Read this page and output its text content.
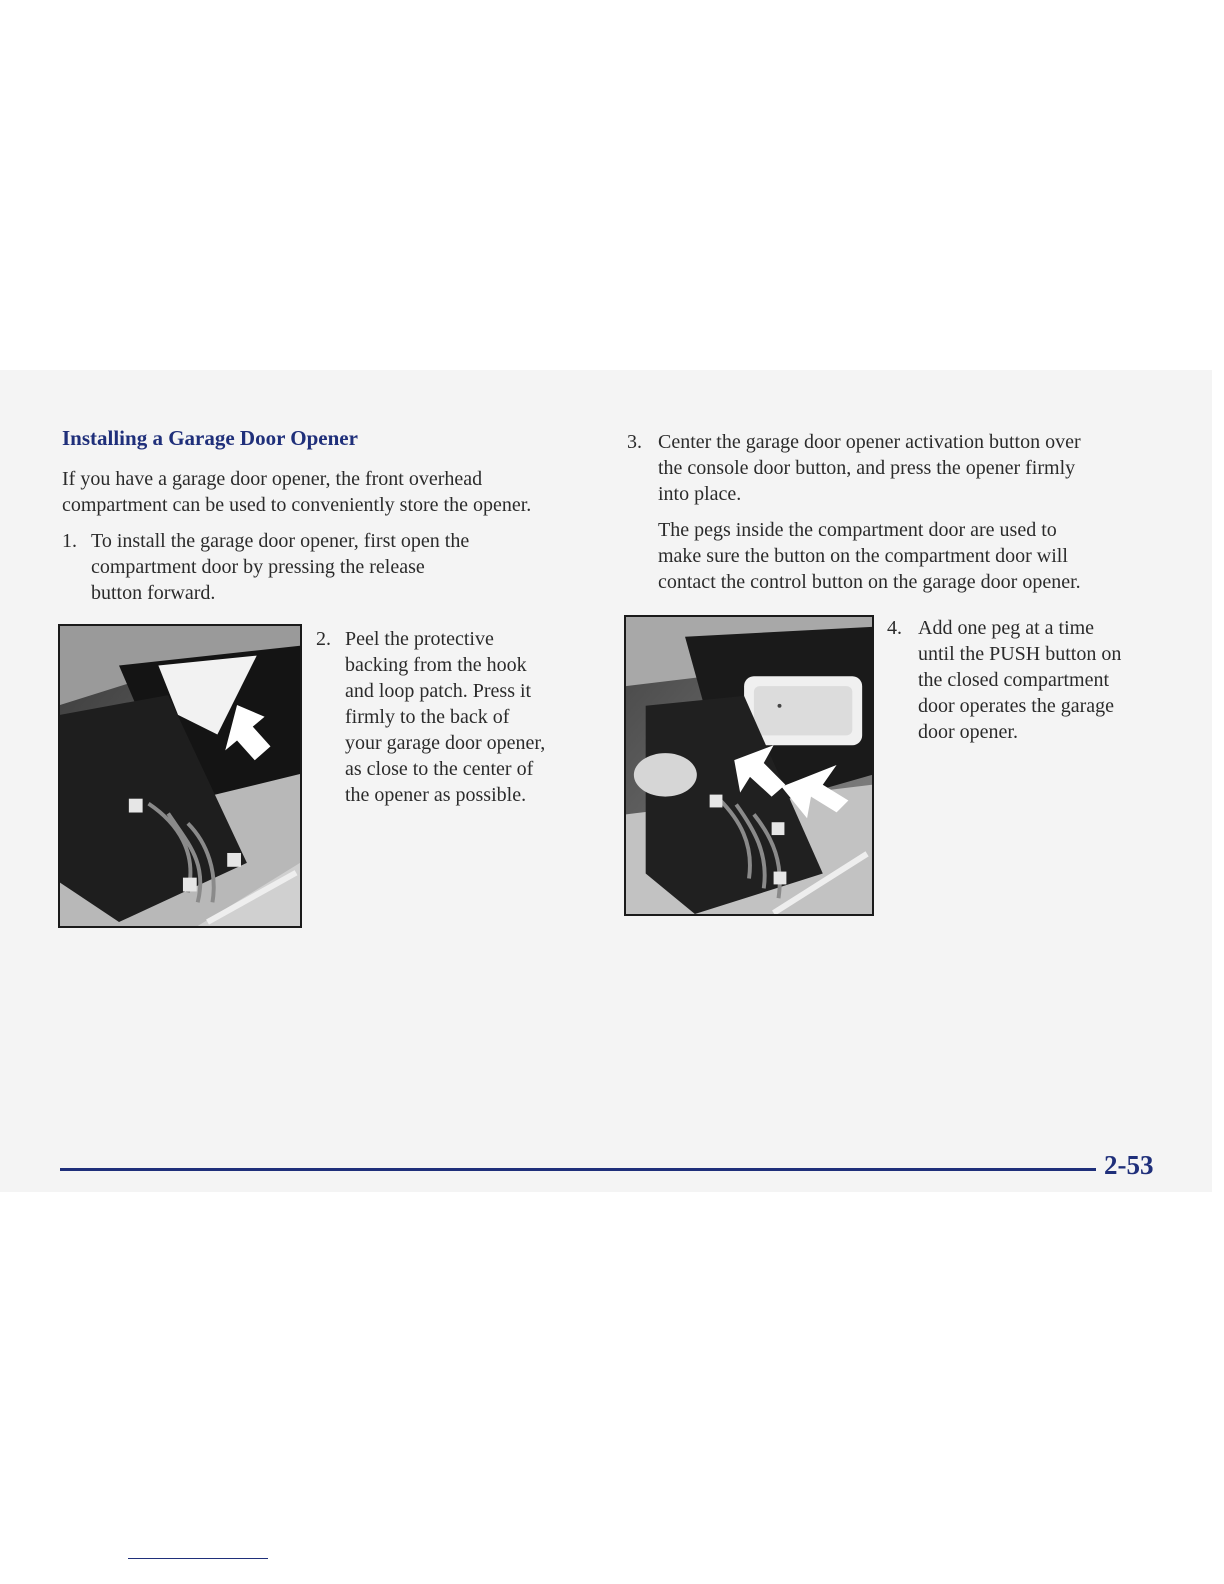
Installing a Garage Door Opener
If you have a garage door opener, the front overhead
compartment can be used to conveniently store the opener.
1. To install the garage door opener, first open the
compartment door by pressing the release
button forward.
2. Peel the protective
backing from the hook
and loop patch. Press it
firmly to the back of
your garage door opener,
as close to the center of
the opener as possible.
3. Center the garage door opener activation button over
the console door button, and press the opener firmly
into place.
The pegs inside the compartment door are used to
make sure the button on the compartment door will
contact the control button on the garage door opener.
4. Add one peg at a time
until the PUSH button on
the closed compartment
door operates the garage
door opener.
2-53
